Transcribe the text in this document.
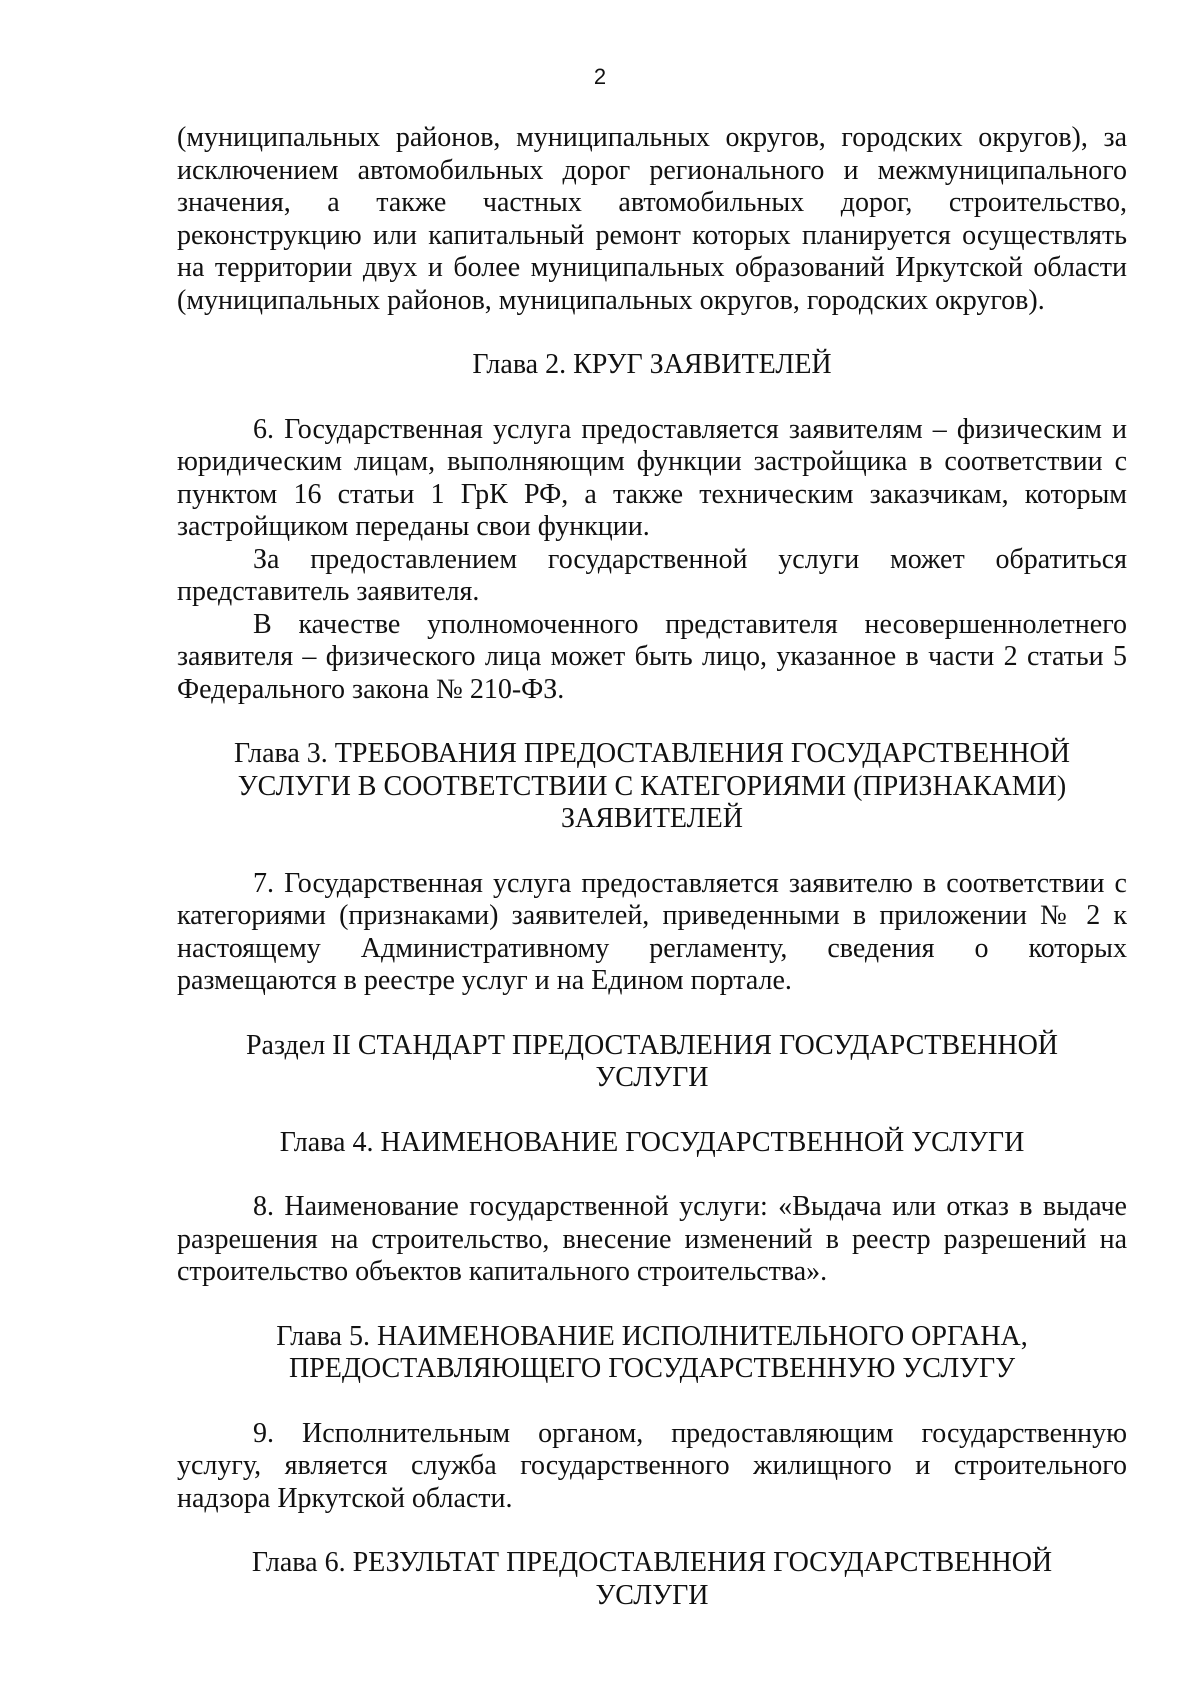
2

(муниципальных районов, муниципальных округов, городских округов), за исключением автомобильных дорог регионального и межмуниципального значения, а также частных автомобильных дорог, строительство, реконструкцию или капитальный ремонт которых планируется осуществлять на территории двух и более муниципальных образований Иркутской области (муниципальных районов, муниципальных округов, городских округов).

Глава 2. КРУГ ЗАЯВИТЕЛЕЙ

6. Государственная услуга предоставляется заявителям – физическим и юридическим лицам, выполняющим функции застройщика в соответствии с пунктом 16 статьи 1 ГрК РФ, а также техническим заказчикам, которым застройщиком переданы свои функции.

За предоставлением государственной услуги может обратиться представитель заявителя.

В качестве уполномоченного представителя несовершеннолетнего заявителя – физического лица может быть лицо, указанное в части 2 статьи 5 Федерального закона № 210-ФЗ.

Глава 3. ТРЕБОВАНИЯ ПРЕДОСТАВЛЕНИЯ ГОСУДАРСТВЕННОЙ
УСЛУГИ В СООТВЕТСТВИИ С КАТЕГОРИЯМИ (ПРИЗНАКАМИ)
ЗАЯВИТЕЛЕЙ

7. Государственная услуга предоставляется заявителю в соответствии с категориями (признаками) заявителей, приведенными в приложении № 2 к настоящему Административному регламенту, сведения о которых размещаются в реестре услуг и на Едином портале.

Раздел II СТАНДАРТ ПРЕДОСТАВЛЕНИЯ ГОСУДАРСТВЕННОЙ
УСЛУГИ
Глава 4. НАИМЕНОВАНИЕ ГОСУДАРСТВЕННОЙ УСЛУГИ

8. Наименование государственной услуги: «Выдача или отказ в выдаче разрешения на строительство, внесение изменений в реестр разрешений на строительство объектов капитального строительства».

Глава 5. НАИМЕНОВАНИЕ ИСПОЛНИТЕЛЬНОГО ОРГАНА,
ПРЕДОСТАВЛЯЮЩЕГО ГОСУДАРСТВЕННУЮ УСЛУГУ

9. Исполнительным органом, предоставляющим государственную услугу, является служба государственного жилищного и строительного надзора Иркутской области.

Глава 6. РЕЗУЛЬТАТ ПРЕДОСТАВЛЕНИЯ ГОСУДАРСТВЕННОЙ
УСЛУГИ
